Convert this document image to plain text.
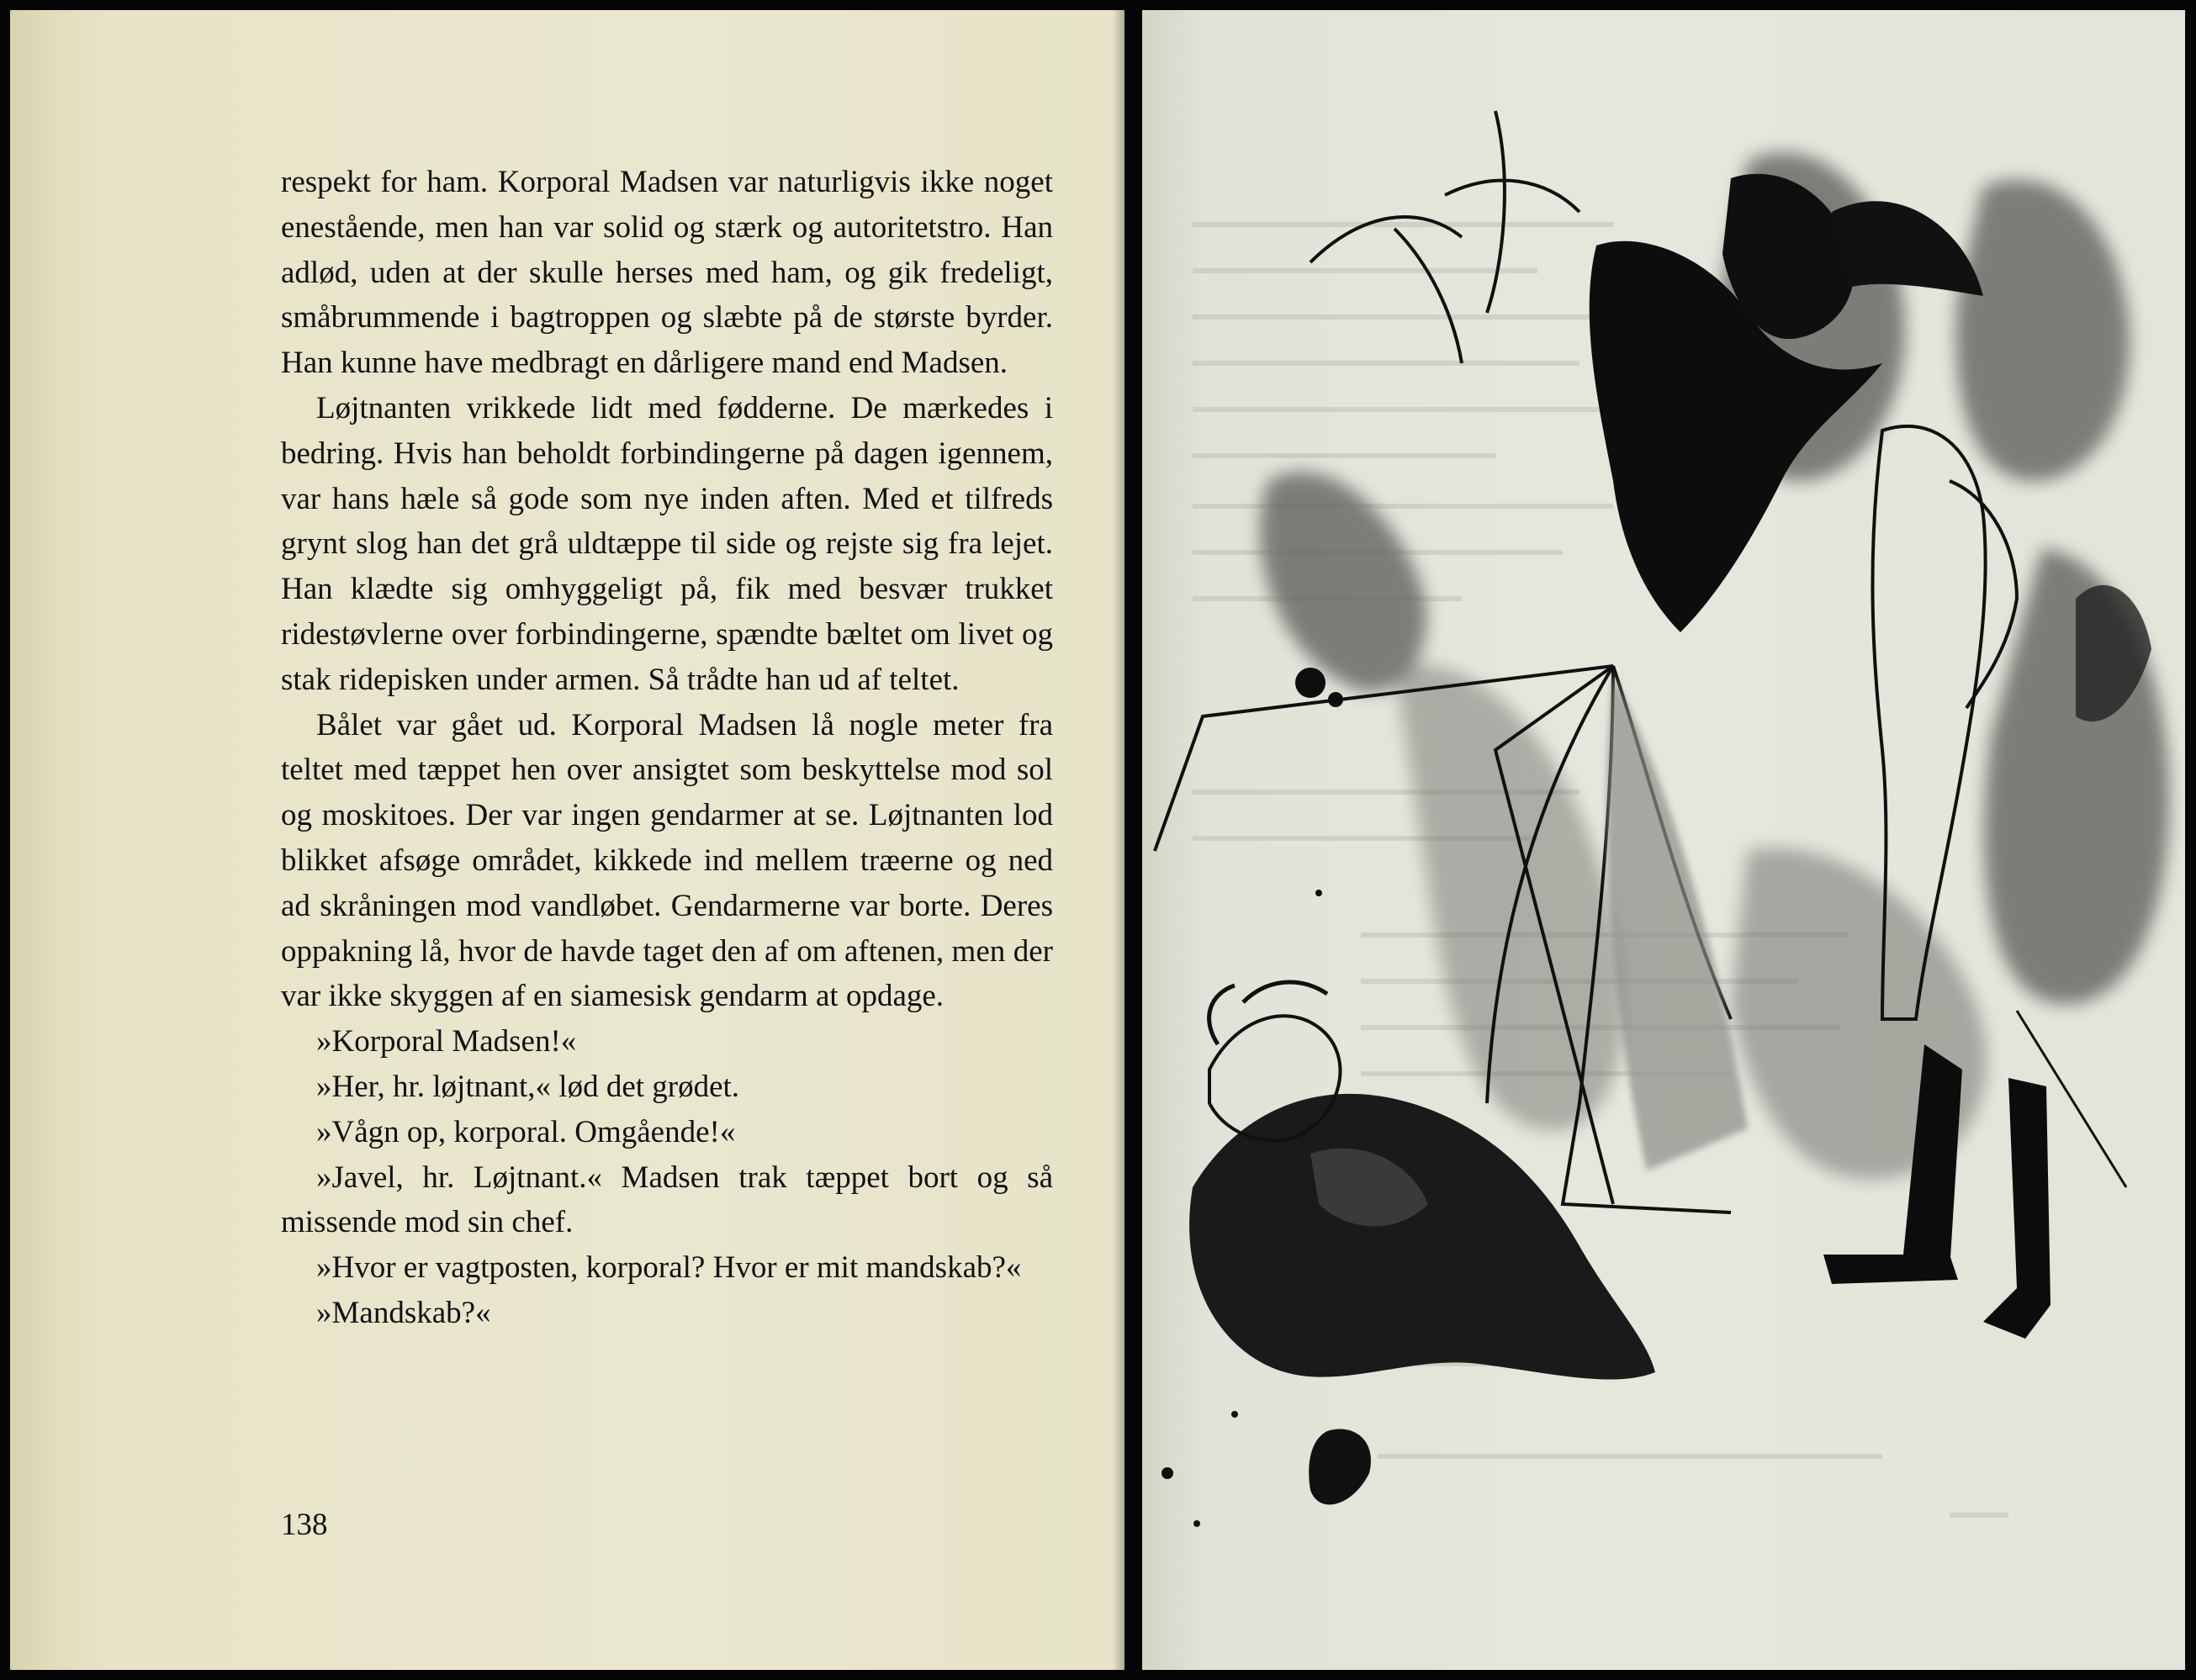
respekt for ham. Korporal Madsen var naturligvis ikke noget enestående, men han var solid og stærk og autoritetstro. Han adlød, uden at der skulle herses med ham, og gik fredeligt, småbrummende i bagtroppen og slæbte på de største byrder. Han kunne have medbragt en dårligere mand end Madsen.

Løjtnanten vrikkede lidt med fødderne. De mærkedes i bedring. Hvis han beholdt forbindingerne på dagen igennem, var hans hæle så gode som nye inden aften. Med et tilfreds grynt slog han det grå uldtæppe til side og rejste sig fra lejet. Han klædte sig omhyggeligt på, fik med besvær trukket ridestøvlerne over forbindingerne, spændte bæltet om livet og stak ridepisken under armen. Så trådte han ud af teltet.

Bålet var gået ud. Korporal Madsen lå nogle meter fra teltet med tæppet hen over ansigtet som beskyttelse mod sol og moskitoes. Der var ingen gendarmer at se. Løjtnanten lod blikket afsøge området, kikkede ind mellem træerne og ned ad skråningen mod vandløbet. Gendarmerne var borte. Deres oppakning lå, hvor de havde taget den af om aftenen, men der var ikke skyggen af en siamesisk gendarm at opdage.

»Korporal Madsen!«

»Her, hr. løjtnant,« lød det grødet.

»Vågn op, korporal. Omgående!«

»Javel, hr. Løjtnant.« Madsen trak tæppet bort og så missende mod sin chef.

»Hvor er vagtposten, korporal? Hvor er mit mandskab?«

»Mandskab?«

138
